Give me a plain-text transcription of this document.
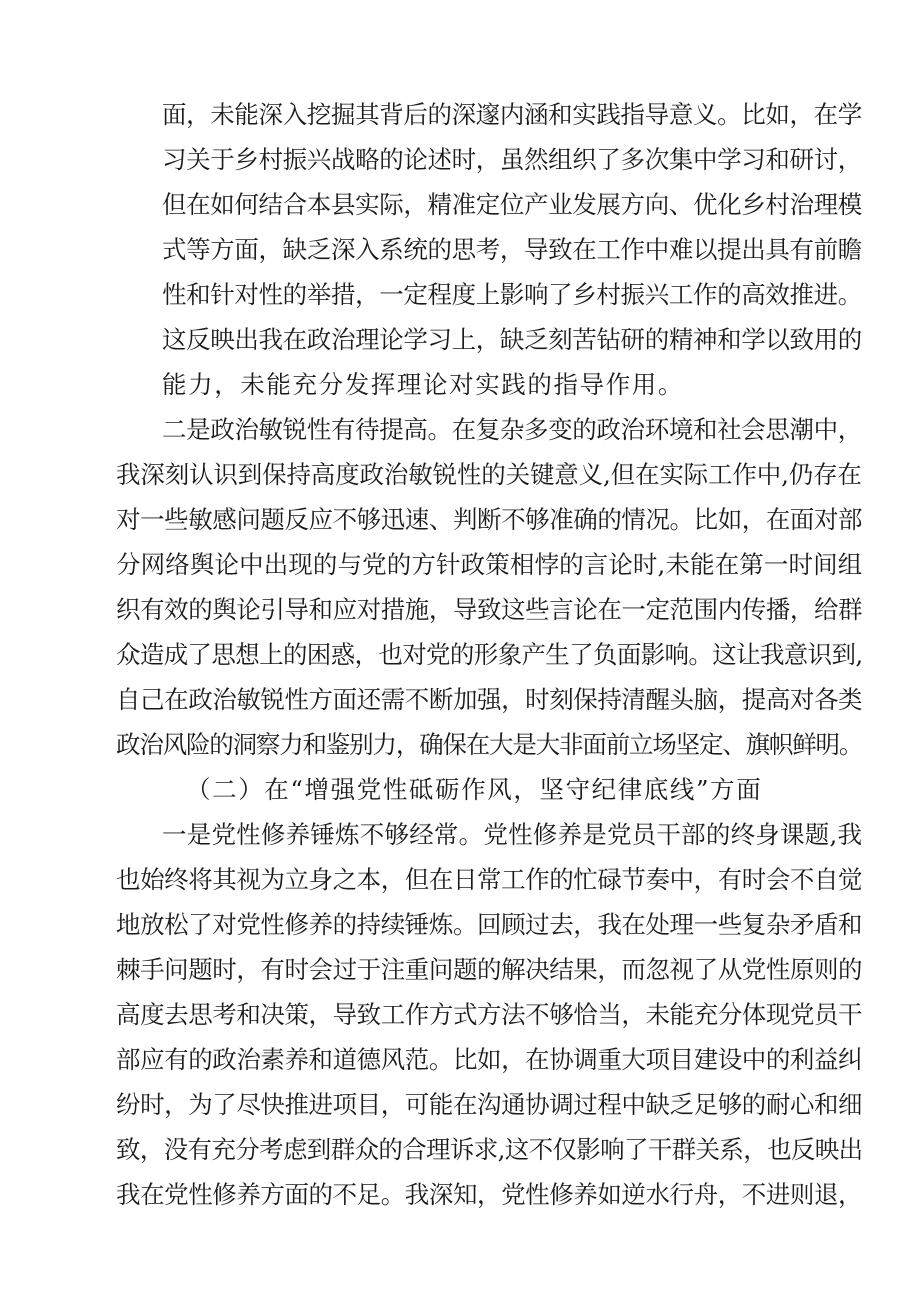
面，未能深入挖掘其背后的深邃内涵和实践指导意义。比如，在学
习关于乡村振兴战略的论述时，虽然组织了多次集中学习和研讨，
但在如何结合本县实际，精准定位产业发展方向、优化乡村治理模
式等方面，缺乏深入系统的思考，导致在工作中难以提出具有前瞻
性和针对性的举措，一定程度上影响了乡村振兴工作的高效推进。
这反映出我在政治理论学习上，缺乏刻苦钻研的精神和学以致用的
能力，未能充分发挥理论对实践的指导作用。
二是政治敏锐性有待提高。在复杂多变的政治环境和社会思潮中，
我深刻认识到保持高度政治敏锐性的关键意义,但在实际工作中,仍存在
对一些敏感问题反应不够迅速、判断不够准确的情况。比如，在面对部
分网络舆论中出现的与党的方针政策相悖的言论时,未能在第一时间组
织有效的舆论引导和应对措施，导致这些言论在一定范围内传播，给群
众造成了思想上的困惑，也对党的形象产生了负面影响。这让我意识到,
自己在政治敏锐性方面还需不断加强，时刻保持清醒头脑，提高对各类
政治风险的洞察力和鉴别力，确保在大是大非面前立场坚定、旗帜鲜明。
（二）在“增强党性砥砺作风，坚守纪律底线”方面
一是党性修养锤炼不够经常。党性修养是党员干部的终身课题,我
也始终将其视为立身之本，但在日常工作的忙碌节奏中，有时会不自觉
地放松了对党性修养的持续锤炼。回顾过去，我在处理一些复杂矛盾和
棘手问题时，有时会过于注重问题的解决结果，而忽视了从党性原则的
高度去思考和决策，导致工作方式方法不够恰当，未能充分体现党员干
部应有的政治素养和道德风范。比如，在协调重大项目建设中的利益纠
纷时，为了尽快推进项目，可能在沟通协调过程中缺乏足够的耐心和细
致，没有充分考虑到群众的合理诉求,这不仅影响了干群关系，也反映出
我在党性修养方面的不足。我深知，党性修养如逆水行舟，不进则退，
